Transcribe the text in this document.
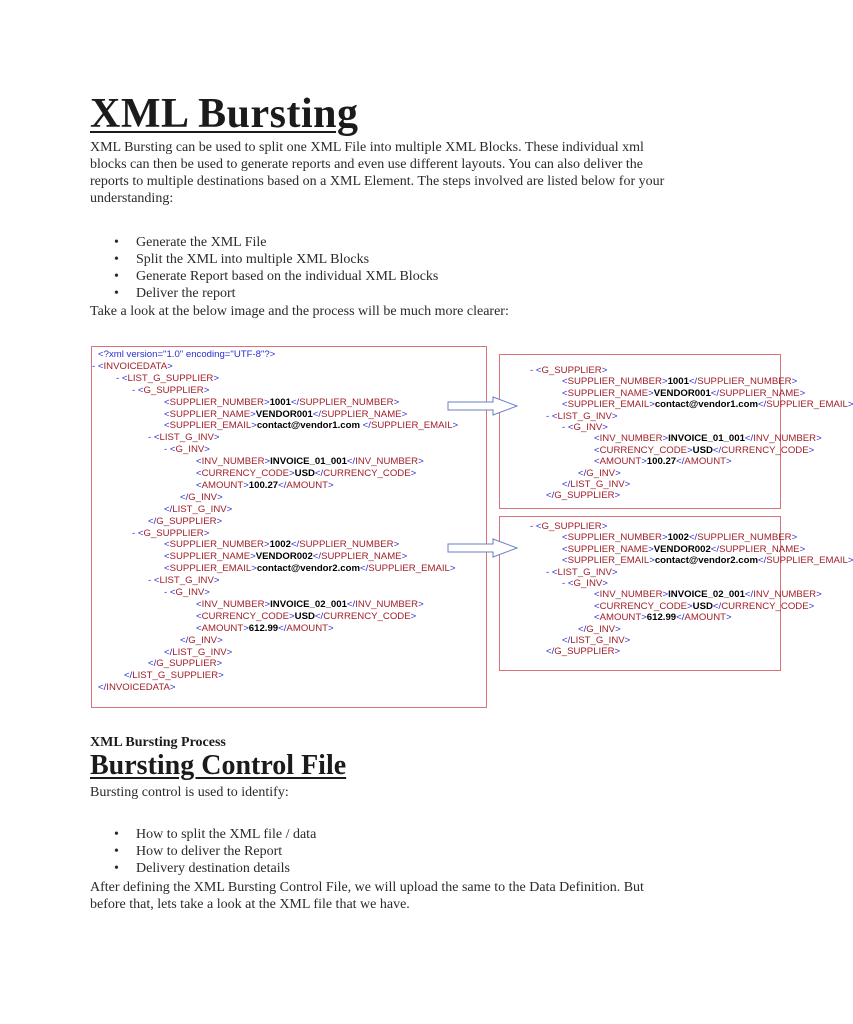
XML Bursting

XML Bursting can be used to split one XML File into multiple XML Blocks. These individual xml blocks can then be used to generate reports and even use different layouts. You can also deliver the reports to multiple destinations based on a XML Element. The steps involved are listed below for your understanding:

• Generate the XML File
• Split the XML into multiple XML Blocks
• Generate Report based on the individual XML Blocks
• Deliver the report

Take a look at the below image and the process will be much more clearer:

<?xml version="1.0" encoding="UTF-8"?>
- <INVOICEDATA>
- <LIST_G_SUPPLIER>
- <G_SUPPLIER>
<SUPPLIER_NUMBER>1001</SUPPLIER_NUMBER>
<SUPPLIER_NAME>VENDOR001</SUPPLIER_NAME>
<SUPPLIER_EMAIL>contact@vendor1.com </SUPPLIER_EMAIL>
- <LIST_G_INV>
- <G_INV>
<INV_NUMBER>INVOICE_01_001</INV_NUMBER>
<CURRENCY_CODE>USD</CURRENCY_CODE>
<AMOUNT>100.27</AMOUNT>
</G_INV>
</LIST_G_INV>
</G_SUPPLIER>
- <G_SUPPLIER>
<SUPPLIER_NUMBER>1002</SUPPLIER_NUMBER>
<SUPPLIER_NAME>VENDOR002</SUPPLIER_NAME>
<SUPPLIER_EMAIL>contact@vendor2.com</SUPPLIER_EMAIL>
- <LIST_G_INV>
- <G_INV>
<INV_NUMBER>INVOICE_02_001</INV_NUMBER>
<CURRENCY_CODE>USD</CURRENCY_CODE>
<AMOUNT>612.99</AMOUNT>
</G_INV>
</LIST_G_INV>
</G_SUPPLIER>
</LIST_G_SUPPLIER>
</INVOICEDATA>
- <G_SUPPLIER>
<SUPPLIER_NUMBER>1001</SUPPLIER_NUMBER>
<SUPPLIER_NAME>VENDOR001</SUPPLIER_NAME>
<SUPPLIER_EMAIL>contact@vendor1.com</SUPPLIER_EMAIL>
- <LIST_G_INV>
- <G_INV>
<INV_NUMBER>INVOICE_01_001</INV_NUMBER>
<CURRENCY_CODE>USD</CURRENCY_CODE>
<AMOUNT>100.27</AMOUNT>
</G_INV>
</LIST_G_INV>
</G_SUPPLIER>
- <G_SUPPLIER>
<SUPPLIER_NUMBER>1002</SUPPLIER_NUMBER>
<SUPPLIER_NAME>VENDOR002</SUPPLIER_NAME>
<SUPPLIER_EMAIL>contact@vendor2.com</SUPPLIER_EMAIL>
- <LIST_G_INV>
- <G_INV>
<INV_NUMBER>INVOICE_02_001</INV_NUMBER>
<CURRENCY_CODE>USD</CURRENCY_CODE>
<AMOUNT>612.99</AMOUNT>
</G_INV>
</LIST_G_INV>
</G_SUPPLIER>

XML Bursting Process

Bursting Control File

Bursting control is used to identify:

• How to split the XML file / data
• How to deliver the Report
• Delivery destination details

After defining the XML Bursting Control File, we will upload the same to the Data Definition. But before that, lets take a look at the XML file that we have.
